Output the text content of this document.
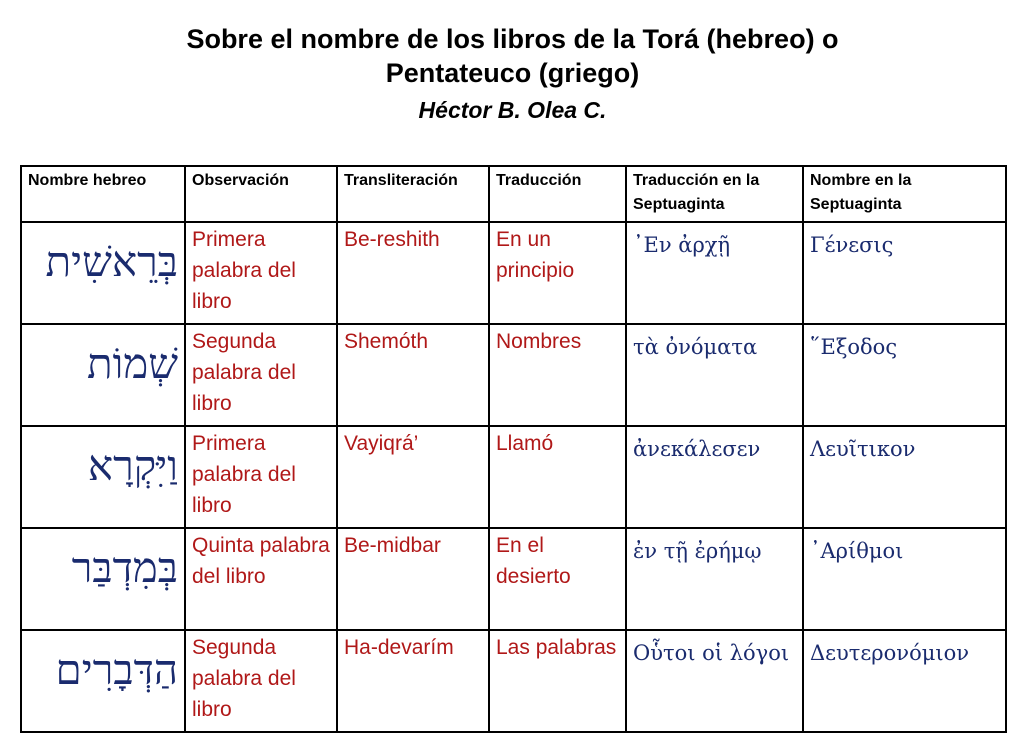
Sobre el nombre de los libros de la Torá (hebreo) o
Pentateuco (griego)
Héctor B. Olea C.
Nombre hebreo	Observación	Transliteración	Traducción	Traducción en la Septuaginta	Nombre en la Septuaginta

בְּרֵאשִׁית	Primera palabra del libro	Be-reshith	En un principio	᾿Εν ἀρχῇ	Γένεσις

שְׁמוֹת	Segunda palabra del libro	Shemóth	Nombres	τὰ ὀνόματα	῞Εξοδος

וַיִּקְרָא	Primera palabra del libro	Vayiqrá’	Llamó	ἀνεκάλεσεν	Λευῖτικον

בְּמִדְבַּר	Quinta palabra del libro	Be-midbar	En el desierto	ἐν τῇ ἐρήμῳ	᾿Αρίθμοι

הַדְּבָרִים	Segunda palabra del libro	Ha-devarím	Las palabras	Οὗτοι οἱ λόγοι	Δευτερονόμιον
